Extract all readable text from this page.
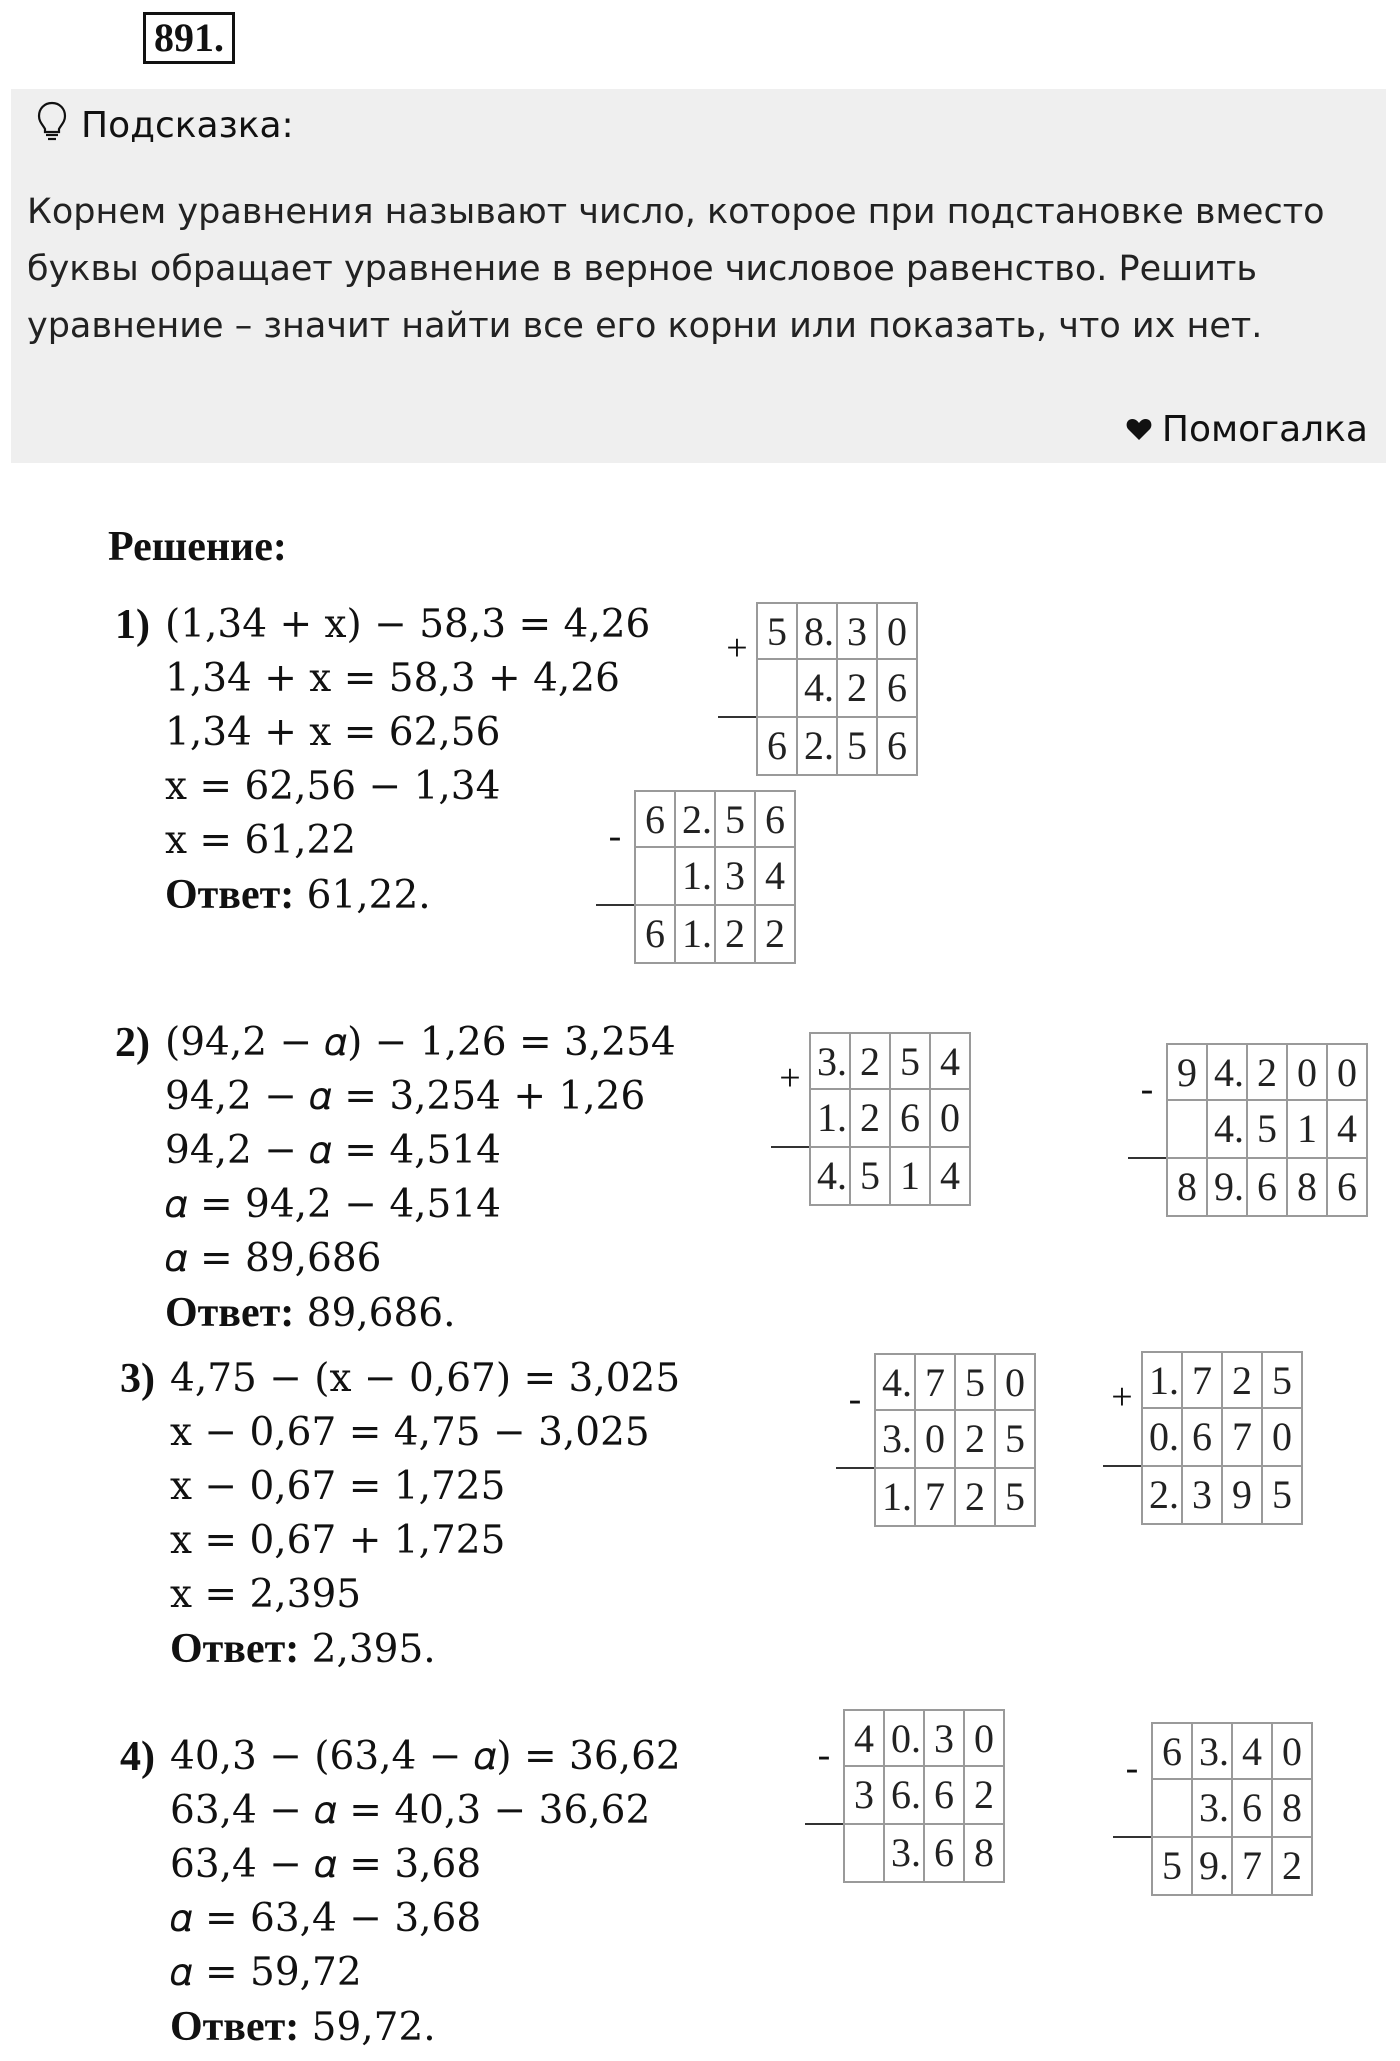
891.
Подсказка:

Корнем уравнения называют число, которое при подстановке вместо буквы обращает уравнение в верное числовое равенство. Решить уравнение – значит найти все его корни или показать, что их нет.

Помогалка
Решение:
1) (1,34 + x) − 58,3 = 4,26
1,34 + x = 58,3 + 4,26
1,34 + x = 62,56
x = 62,56 − 1,34
x = 61,22
Ответ: 61,22.
2) (94,2 − 𝛼) − 1,26 = 3,254
94,2 − 𝛼 = 3,254 + 1,26
94,2 − 𝛼 = 4,514
𝛼 = 94,2 − 4,514
𝛼 = 89,686
Ответ: 89,686.
3) 4,75 − (x − 0,67) = 3,025
x − 0,67 = 4,75 − 3,025
x − 0,67 = 1,725
x = 0,67 + 1,725
x = 2,395
Ответ: 2,395.
4) 40,3 − (63,4 − 𝛼) = 36,62
63,4 − 𝛼 = 40,3 − 36,62
63,4 − 𝛼 = 3,68
𝛼 = 63,4 − 3,68
𝛼 = 59,72
Ответ: 59,72.
+ 5 8. 3 0
4. 2 6
6 2. 5 6
- 6 2. 5 6
1. 3 4
6 1. 2 2
+ 3. 2 5 4
1. 2 6 0
4. 5 1 4
- 9 4. 2 0 0
4. 5 1 4
8 9. 6 8 6
- 4. 7 5 0
3. 0 2 5
1. 7 2 5
+ 1. 7 2 5
0. 6 7 0
2. 3 9 5
- 4 0. 3 0
3 6. 6 2
3. 6 8
- 6 3. 4 0
3. 6 8
5 9. 7 2
